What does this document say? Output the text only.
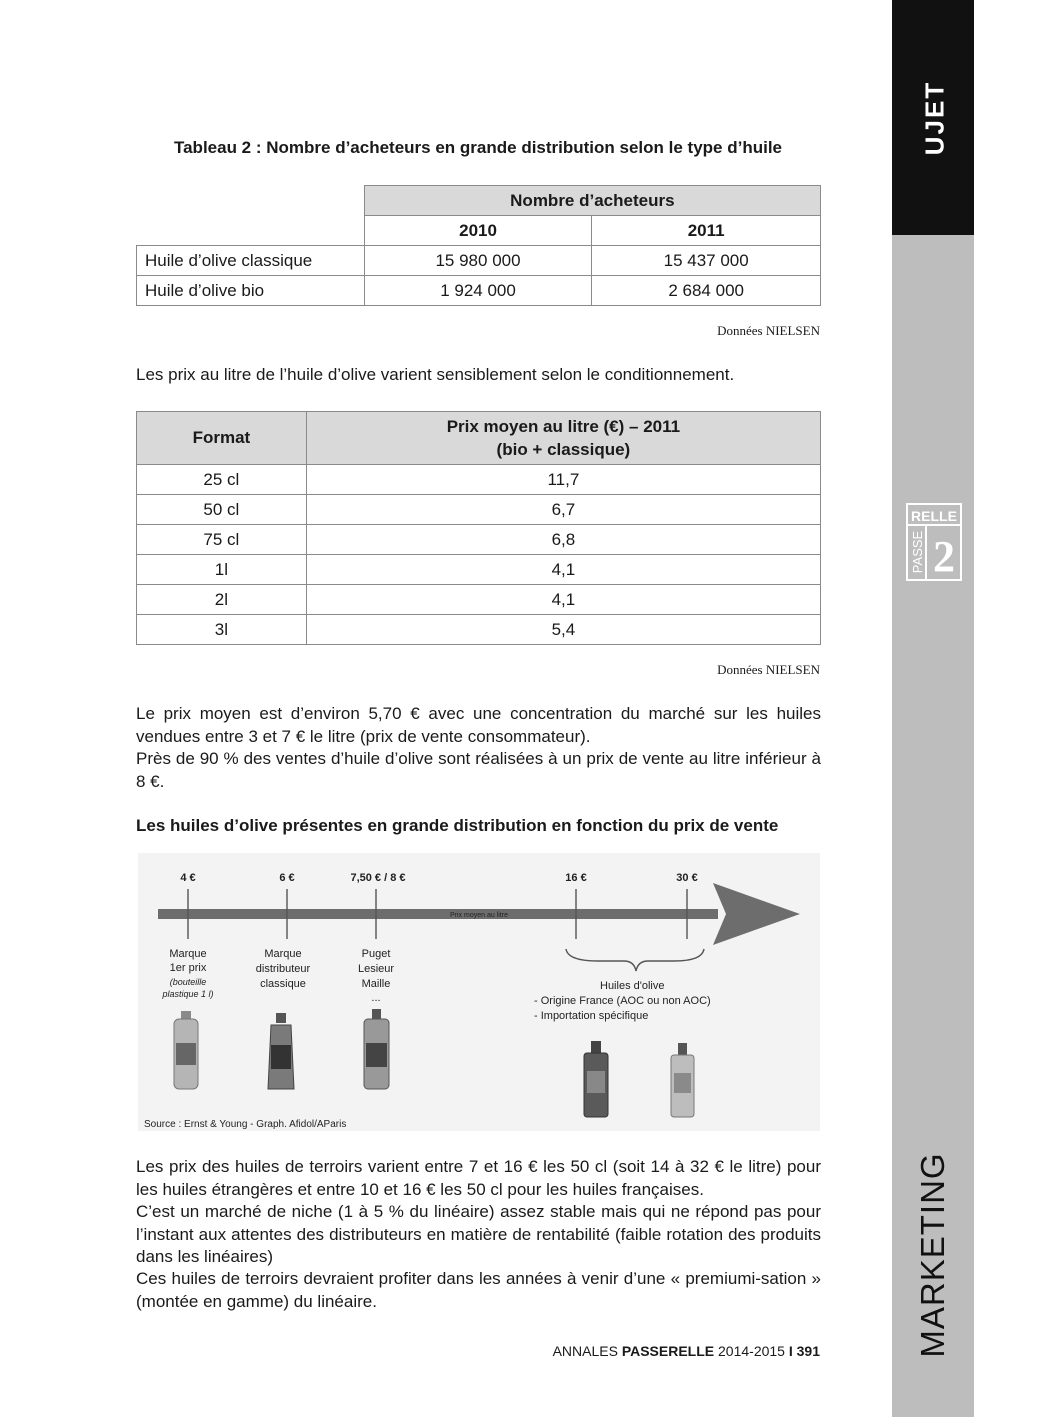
S
UJET
RELLE
PASSE 2
MARKETING
Tableau 2 : Nombre d’acheteurs en grande distribution selon le type d’huile
	Nombre d’acheteurs	
	2010	2011
Huile d’olive classique	15 980 000	15 437 000
Huile d’olive bio	1 924 000	2 684 000
Données NIELSEN
Les prix au litre de l’huile d’olive varient sensiblement selon le conditionnement.
Format	Prix moyen au litre (€) – 2011
(bio + classique)

25 cl	11,7
50 cl	6,7
75 cl	6,8
1l	4,1
2l	4,1
3l	5,4
Données NIELSEN
Le prix moyen est d’environ 5,70 € avec une concentration du marché sur les huiles vendues entre 3 et 7 € le litre (prix de vente consommateur).
Près de 90 % des ventes d’huile d’olive sont réalisées à un prix de vente au litre inférieur à 8 €.
Les huiles d’olive présentes en grande distribution en fonction du prix de vente
Prix moyen au litre
4 €	6 €	7,50 € / 8 €	16 €	30 €
Marque
1er prix
(bouteille
plastique 1 l)
Marque
distributeur
classique
Puget
Lesieur
Maille
...
Huiles d'olive
- Origine France (AOC ou non AOC)
- Importation spécifique
Source : Ernst & Young - Graph. Afidol/AParis
Les prix des huiles de terroirs varient entre 7 et 16 € les 50 cl (soit 14 à 32 € le litre) pour les huiles étrangères et entre 10 et 16 € les 50 cl pour les huiles françaises.
C’est un marché de niche (1 à 5 % du linéaire) assez stable mais qui ne répond pas pour l’instant aux attentes des distributeurs en matière de rentabilité (faible rotation des produits dans les linéaires)
Ces huiles de terroirs devraient profiter dans les années à venir d’une « premiumi-sation » (montée en gamme) du linéaire.
ANNALES PASSERELLE 2014-2015 I 391
